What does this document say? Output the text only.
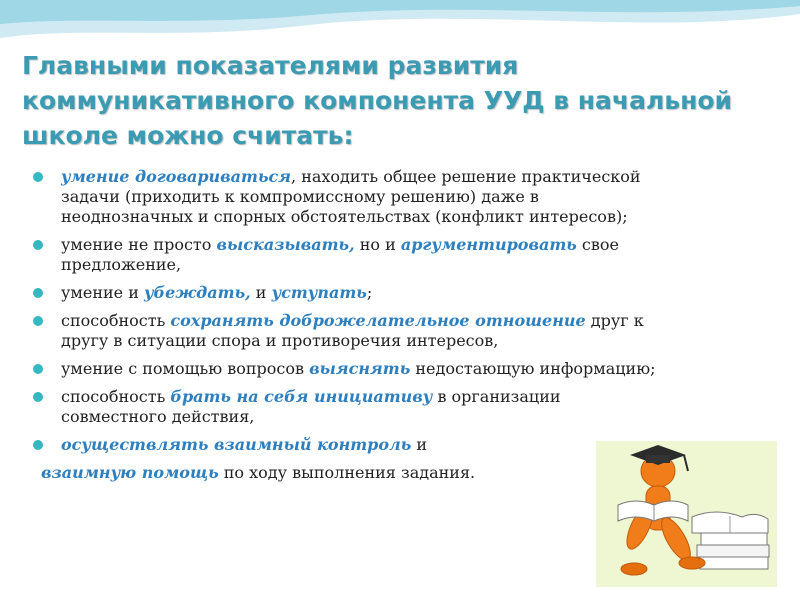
Главными показателями развития
коммуникативного компонента УУД в начальной
школе можно считать:
умение договариваться, находить общее решение практической
задачи (приходить к компромиссному решению) даже в
неоднозначных и спорных обстоятельствах (конфликт интересов);
умение не просто высказывать, но и аргументировать свое
предложение,
умение и убеждать, и уступать;
способность сохранять доброжелательное отношение друг к
другу в ситуации спора и противоречия интересов,
умение с помощью вопросов выяснять недостающую информацию;
способность брать на себя инициативу в организации
совместного действия,
осуществлять взаимный контроль и

взаимную помощь по ходу выполнения задания.
